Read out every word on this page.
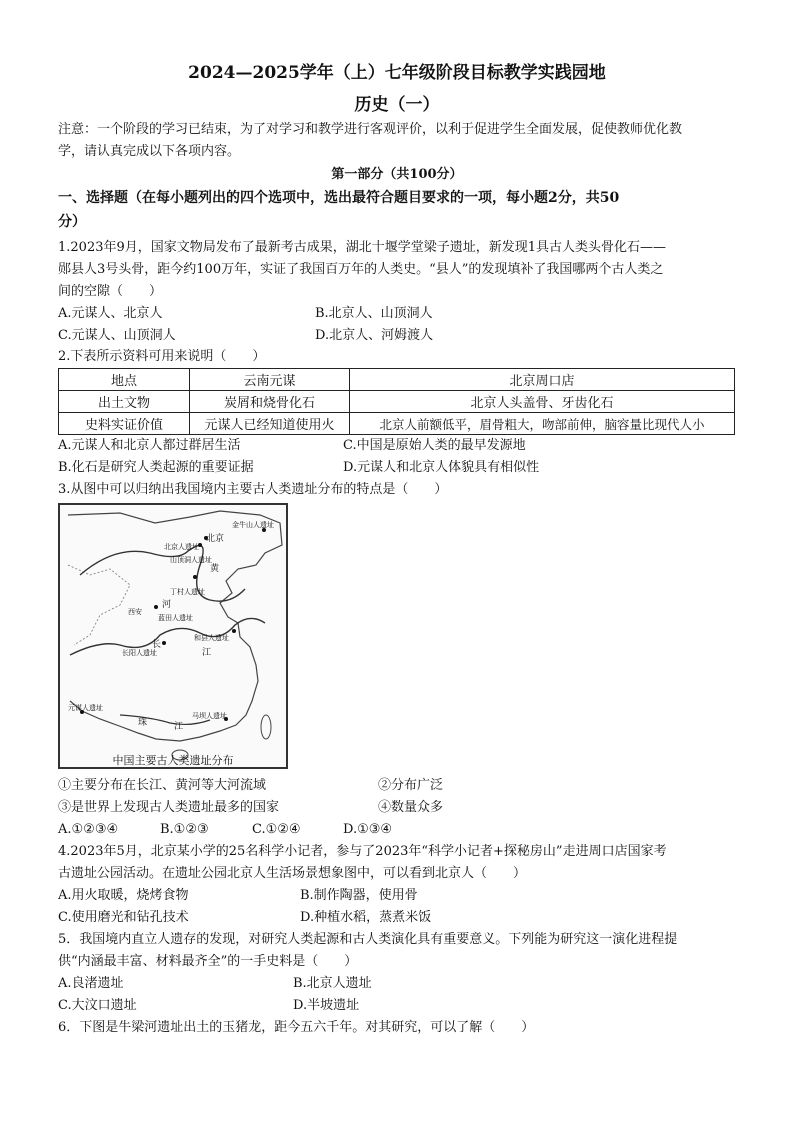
2024—2025学年（上）七年级阶段目标教学实践园地
历史（一）
注意：一个阶段的学习已结束，为了对学习和教学进行客观评价，以利于促进学生全面发展，促使教师优化教
学，请认真完成以下各项内容。
第一部分（共100分）
一、选择题（在每小题列出的四个选项中，选出最符合题目要求的一项，每小题2分，共50
分）
1.2023年9月，国家文物局发布了最新考古成果，湖北十堰学堂梁子遗址，新发现1具古人类头骨化石——
郧县人3号头骨，距今约100万年，实证了我国百万年的人类史。“县人”的发现填补了我国哪两个古人类之
间的空隙（　　）
A.元谋人、北京人	B.北京人、山顶洞人
C.元谋人、山顶洞人	D.北京人、河姆渡人
2.下表所示资料可用来说明（　　）
地点	云南元谋	北京周口店
出土文物	炭屑和烧骨化石	北京人头盖骨、牙齿化石
史料实证价值	元谋人已经知道使用火	北京人前额低平，眉骨粗大，吻部前伸，脑容量比现代人小
A.元谋人和北京人都过群居生活	C.中国是原始人类的最早发源地
B.化石是研究人类起源的重要证据	D.元谋人和北京人体貌具有相似性
3.从图中可以归纳出我国境内主要古人类遗址分布的特点是（　　）
金牛山人遗址
北京
北京人遗址
山顶洞人遗址
黄
丁村人遗址
河
西安
蓝田人遗址
长
和县人遗址
长阳人遗址	江
元谋人遗址
珠	江
马坝人遗址
中国主要古人类遗址分布
①主要分布在长江、黄河等大河流域	②分布广泛
③是世界上发现古人类遗址最多的国家	④数量众多
A.①②③④	B.①②③	C.①②④	D.①③④
4.2023年5月，北京某小学的25名科学小记者，参与了2023年“科学小记者+探秘房山”走进周口店国家考
古遗址公园活动。在遗址公园北京人生活场景想象图中，可以看到北京人（　　）
A.用火取暖，烧烤食物	B.制作陶器，使用骨
C.使用磨光和钻孔技术	D.种植水稻，蒸煮米饭
5．我国境内直立人遗存的发现，对研究人类起源和古人类演化具有重要意义。下列能为研究这一演化进程提
供“内涵最丰富、材料最齐全”的一手史料是（　　）
A.良渚遗址	B.北京人遗址
C.大汶口遗址	D.半坡遗址
6．下图是牛梁河遗址出土的玉猪龙，距今五六千年。对其研究，可以了解（　　）
